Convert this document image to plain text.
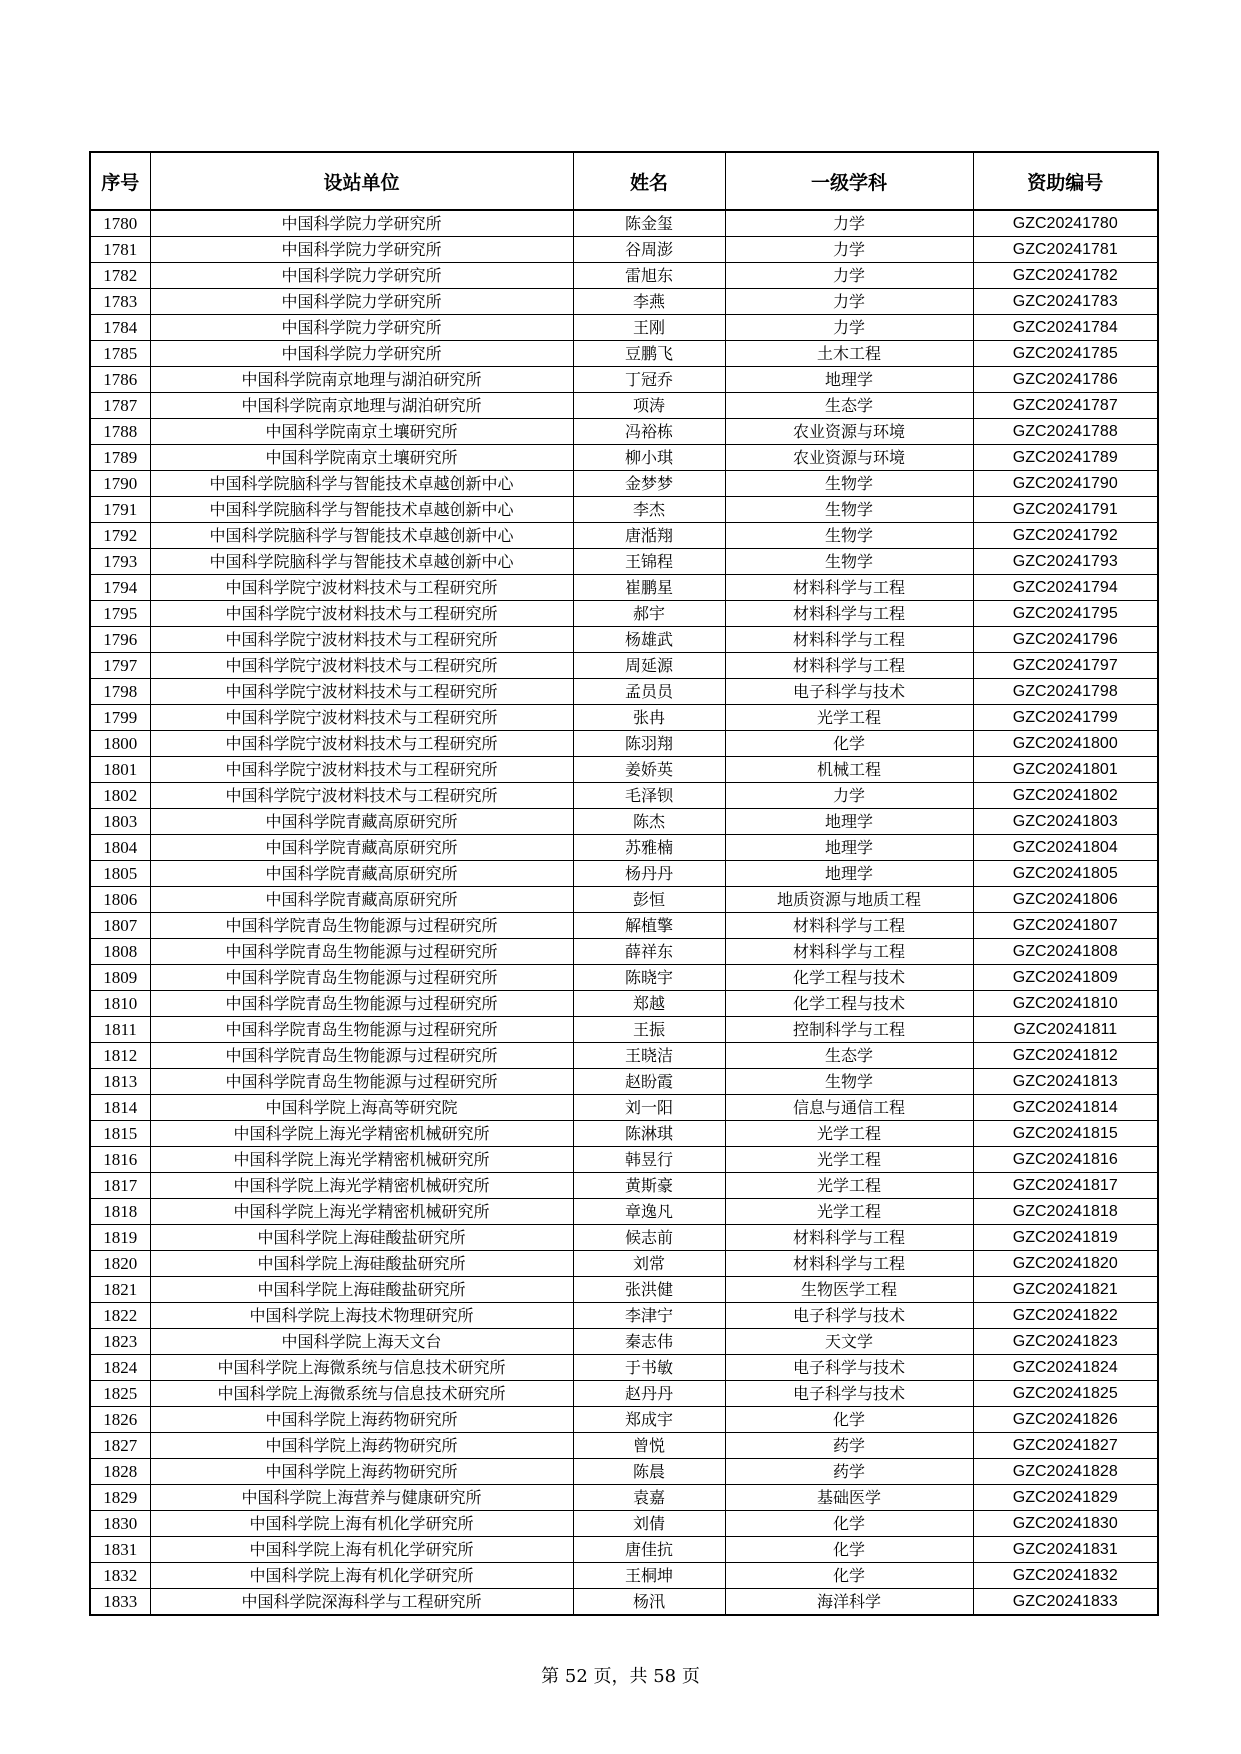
序号	设站单位	姓名	一级学科	资助编号
1780	中国科学院力学研究所	陈金玺	力学	GZC20241780
1781	中国科学院力学研究所	谷周澎	力学	GZC20241781
1782	中国科学院力学研究所	雷旭东	力学	GZC20241782
1783	中国科学院力学研究所	李燕	力学	GZC20241783
1784	中国科学院力学研究所	王刚	力学	GZC20241784
1785	中国科学院力学研究所	豆鹏飞	土木工程	GZC20241785
1786	中国科学院南京地理与湖泊研究所	丁冠乔	地理学	GZC20241786
1787	中国科学院南京地理与湖泊研究所	项涛	生态学	GZC20241787
1788	中国科学院南京土壤研究所	冯裕栋	农业资源与环境	GZC20241788
1789	中国科学院南京土壤研究所	柳小琪	农业资源与环境	GZC20241789
1790	中国科学院脑科学与智能技术卓越创新中心	金梦梦	生物学	GZC20241790
1791	中国科学院脑科学与智能技术卓越创新中心	李杰	生物学	GZC20241791
1792	中国科学院脑科学与智能技术卓越创新中心	唐湉翔	生物学	GZC20241792
1793	中国科学院脑科学与智能技术卓越创新中心	王锦程	生物学	GZC20241793
1794	中国科学院宁波材料技术与工程研究所	崔鹏星	材料科学与工程	GZC20241794
1795	中国科学院宁波材料技术与工程研究所	郝宇	材料科学与工程	GZC20241795
1796	中国科学院宁波材料技术与工程研究所	杨雄武	材料科学与工程	GZC20241796
1797	中国科学院宁波材料技术与工程研究所	周延源	材料科学与工程	GZC20241797
1798	中国科学院宁波材料技术与工程研究所	孟员员	电子科学与技术	GZC20241798
1799	中国科学院宁波材料技术与工程研究所	张冉	光学工程	GZC20241799
1800	中国科学院宁波材料技术与工程研究所	陈羽翔	化学	GZC20241800
1801	中国科学院宁波材料技术与工程研究所	姜娇英	机械工程	GZC20241801
1802	中国科学院宁波材料技术与工程研究所	毛泽钡	力学	GZC20241802
1803	中国科学院青藏高原研究所	陈杰	地理学	GZC20241803
1804	中国科学院青藏高原研究所	苏雅楠	地理学	GZC20241804
1805	中国科学院青藏高原研究所	杨丹丹	地理学	GZC20241805
1806	中国科学院青藏高原研究所	彭恒	地质资源与地质工程	GZC20241806
1807	中国科学院青岛生物能源与过程研究所	解植擎	材料科学与工程	GZC20241807
1808	中国科学院青岛生物能源与过程研究所	薛祥东	材料科学与工程	GZC20241808
1809	中国科学院青岛生物能源与过程研究所	陈晓宇	化学工程与技术	GZC20241809
1810	中国科学院青岛生物能源与过程研究所	郑越	化学工程与技术	GZC20241810
1811	中国科学院青岛生物能源与过程研究所	王振	控制科学与工程	GZC20241811
1812	中国科学院青岛生物能源与过程研究所	王晓洁	生态学	GZC20241812
1813	中国科学院青岛生物能源与过程研究所	赵盼霞	生物学	GZC20241813
1814	中国科学院上海高等研究院	刘一阳	信息与通信工程	GZC20241814
1815	中国科学院上海光学精密机械研究所	陈淋琪	光学工程	GZC20241815
1816	中国科学院上海光学精密机械研究所	韩昱行	光学工程	GZC20241816
1817	中国科学院上海光学精密机械研究所	黄斯豪	光学工程	GZC20241817
1818	中国科学院上海光学精密机械研究所	章逸凡	光学工程	GZC20241818
1819	中国科学院上海硅酸盐研究所	候志前	材料科学与工程	GZC20241819
1820	中国科学院上海硅酸盐研究所	刘常	材料科学与工程	GZC20241820
1821	中国科学院上海硅酸盐研究所	张洪健	生物医学工程	GZC20241821
1822	中国科学院上海技术物理研究所	李津宁	电子科学与技术	GZC20241822
1823	中国科学院上海天文台	秦志伟	天文学	GZC20241823
1824	中国科学院上海微系统与信息技术研究所	于书敏	电子科学与技术	GZC20241824
1825	中国科学院上海微系统与信息技术研究所	赵丹丹	电子科学与技术	GZC20241825
1826	中国科学院上海药物研究所	郑成宇	化学	GZC20241826
1827	中国科学院上海药物研究所	曾悦	药学	GZC20241827
1828	中国科学院上海药物研究所	陈晨	药学	GZC20241828
1829	中国科学院上海营养与健康研究所	袁嘉	基础医学	GZC20241829
1830	中国科学院上海有机化学研究所	刘倩	化学	GZC20241830
1831	中国科学院上海有机化学研究所	唐佳抗	化学	GZC20241831
1832	中国科学院上海有机化学研究所	王桐坤	化学	GZC20241832
1833	中国科学院深海科学与工程研究所	杨汛	海洋科学	GZC20241833
第 52 页，共 58 页
